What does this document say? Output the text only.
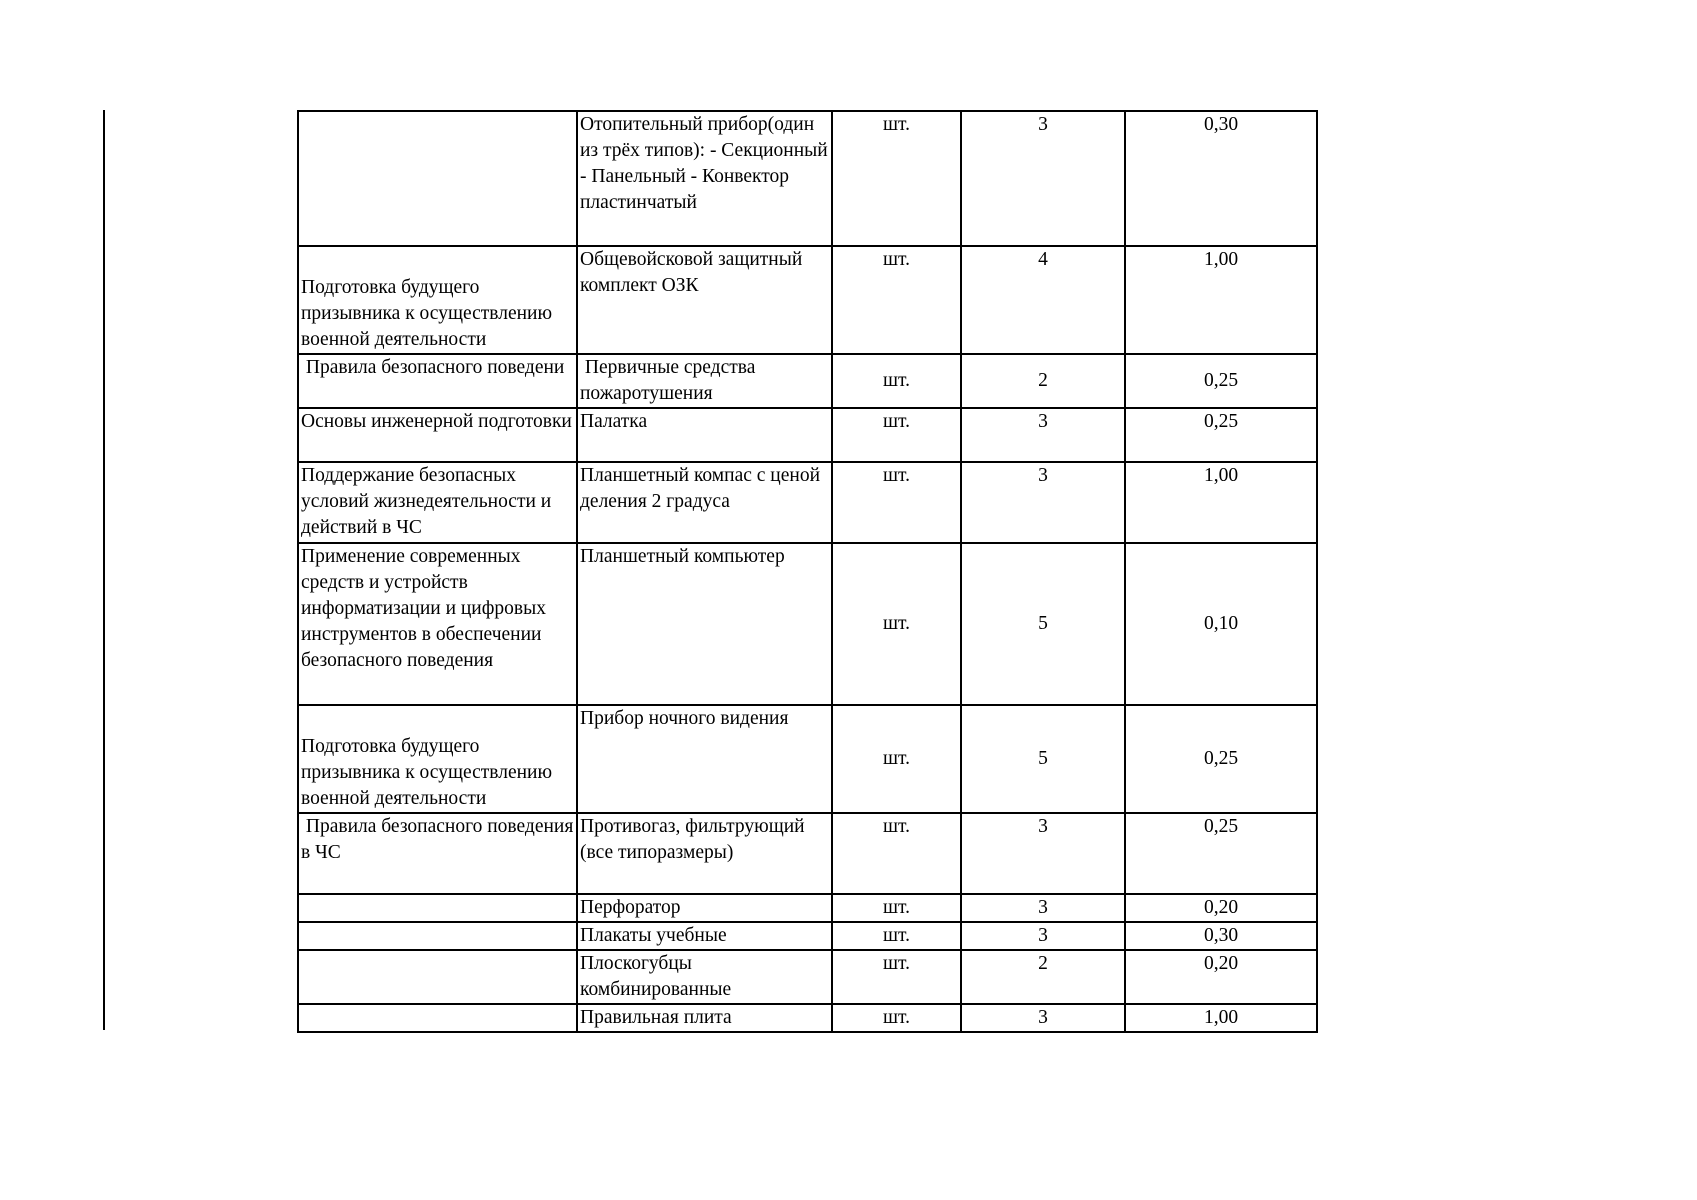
	Отопительный прибор(один из трёх типов): - Секционный - Панельный - Конвектор пластинчатый	шт.	3	0,30
Подготовка будущего призывника к осуществлению военной деятельности	Общевойсковой защитный комплект ОЗК	шт.	4	1,00
Правила безопасного поведени	Первичные средства пожаротушения	шт.	2	0,25
Основы инженерной подготовки	Палатка	шт.	3	0,25
Поддержание безопасных условий жизнедеятельности и действий в ЧС	Планшетный компас с ценой деления 2 градуса	шт.	3	1,00
Применение современных средств и устройств информатизации и цифровых инструментов в обеспечении безопасного поведения	Планшетный компьютер	шт.	5	0,10
Подготовка будущего призывника к осуществлению военной деятельности	Прибор ночного видения	шт.	5	0,25
Правила безопасного поведения в ЧС	Противогаз, фильтрующий (все типоразмеры)	шт.	3	0,25
	Перфоратор	шт.	3	0,20
	Плакаты учебные	шт.	3	0,30
	Плоскогубцы комбинированные	шт.	2	0,20
	Правильная плита	шт.	3	1,00
